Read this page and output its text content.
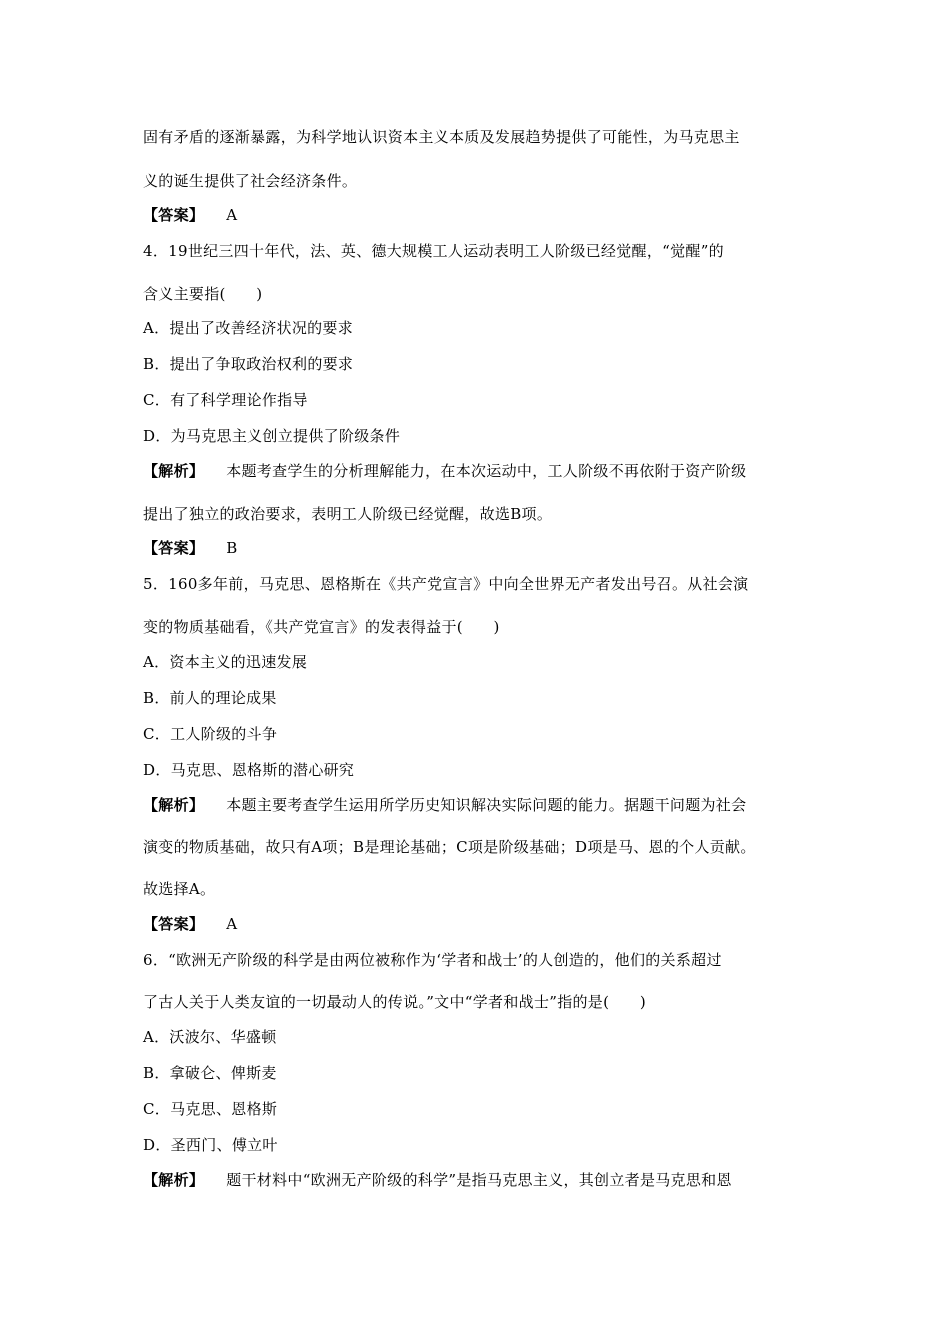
固有矛盾的逐渐暴露，为科学地认识资本主义本质及发展趋势提供了可能性，为马克思主

义的诞生提供了社会经济条件。

【答案】 A

4．19世纪三四十年代，法、英、德大规模工人运动表明工人阶级已经觉醒，“觉醒”的

含义主要指(　　)

A．提出了改善经济状况的要求

B．提出了争取政治权利的要求

C．有了科学理论作指导

D．为马克思主义创立提供了阶级条件

【解析】 本题考查学生的分析理解能力，在本次运动中，工人阶级不再依附于资产阶级

提出了独立的政治要求，表明工人阶级已经觉醒，故选B项。

【答案】 B

5．160多年前，马克思、恩格斯在《共产党宣言》中向全世界无产者发出号召。从社会演

变的物质基础看，《共产党宣言》的发表得益于(　　)

A．资本主义的迅速发展

B．前人的理论成果

C．工人阶级的斗争

D．马克思、恩格斯的潜心研究

【解析】 本题主要考查学生运用所学历史知识解决实际问题的能力。据题干问题为社会

演变的物质基础，故只有A项；B是理论基础；C项是阶级基础；D项是马、恩的个人贡献。

故选择A。

【答案】 A

6．“欧洲无产阶级的科学是由两位被称作为‘学者和战士’的人创造的，他们的关系超过

了古人关于人类友谊的一切最动人的传说。”文中“学者和战士”指的是(　　)

A．沃波尔、华盛顿

B．拿破仑、俾斯麦

C．马克思、恩格斯

D．圣西门、傅立叶

【解析】 题干材料中“欧洲无产阶级的科学”是指马克思主义，其创立者是马克思和恩
